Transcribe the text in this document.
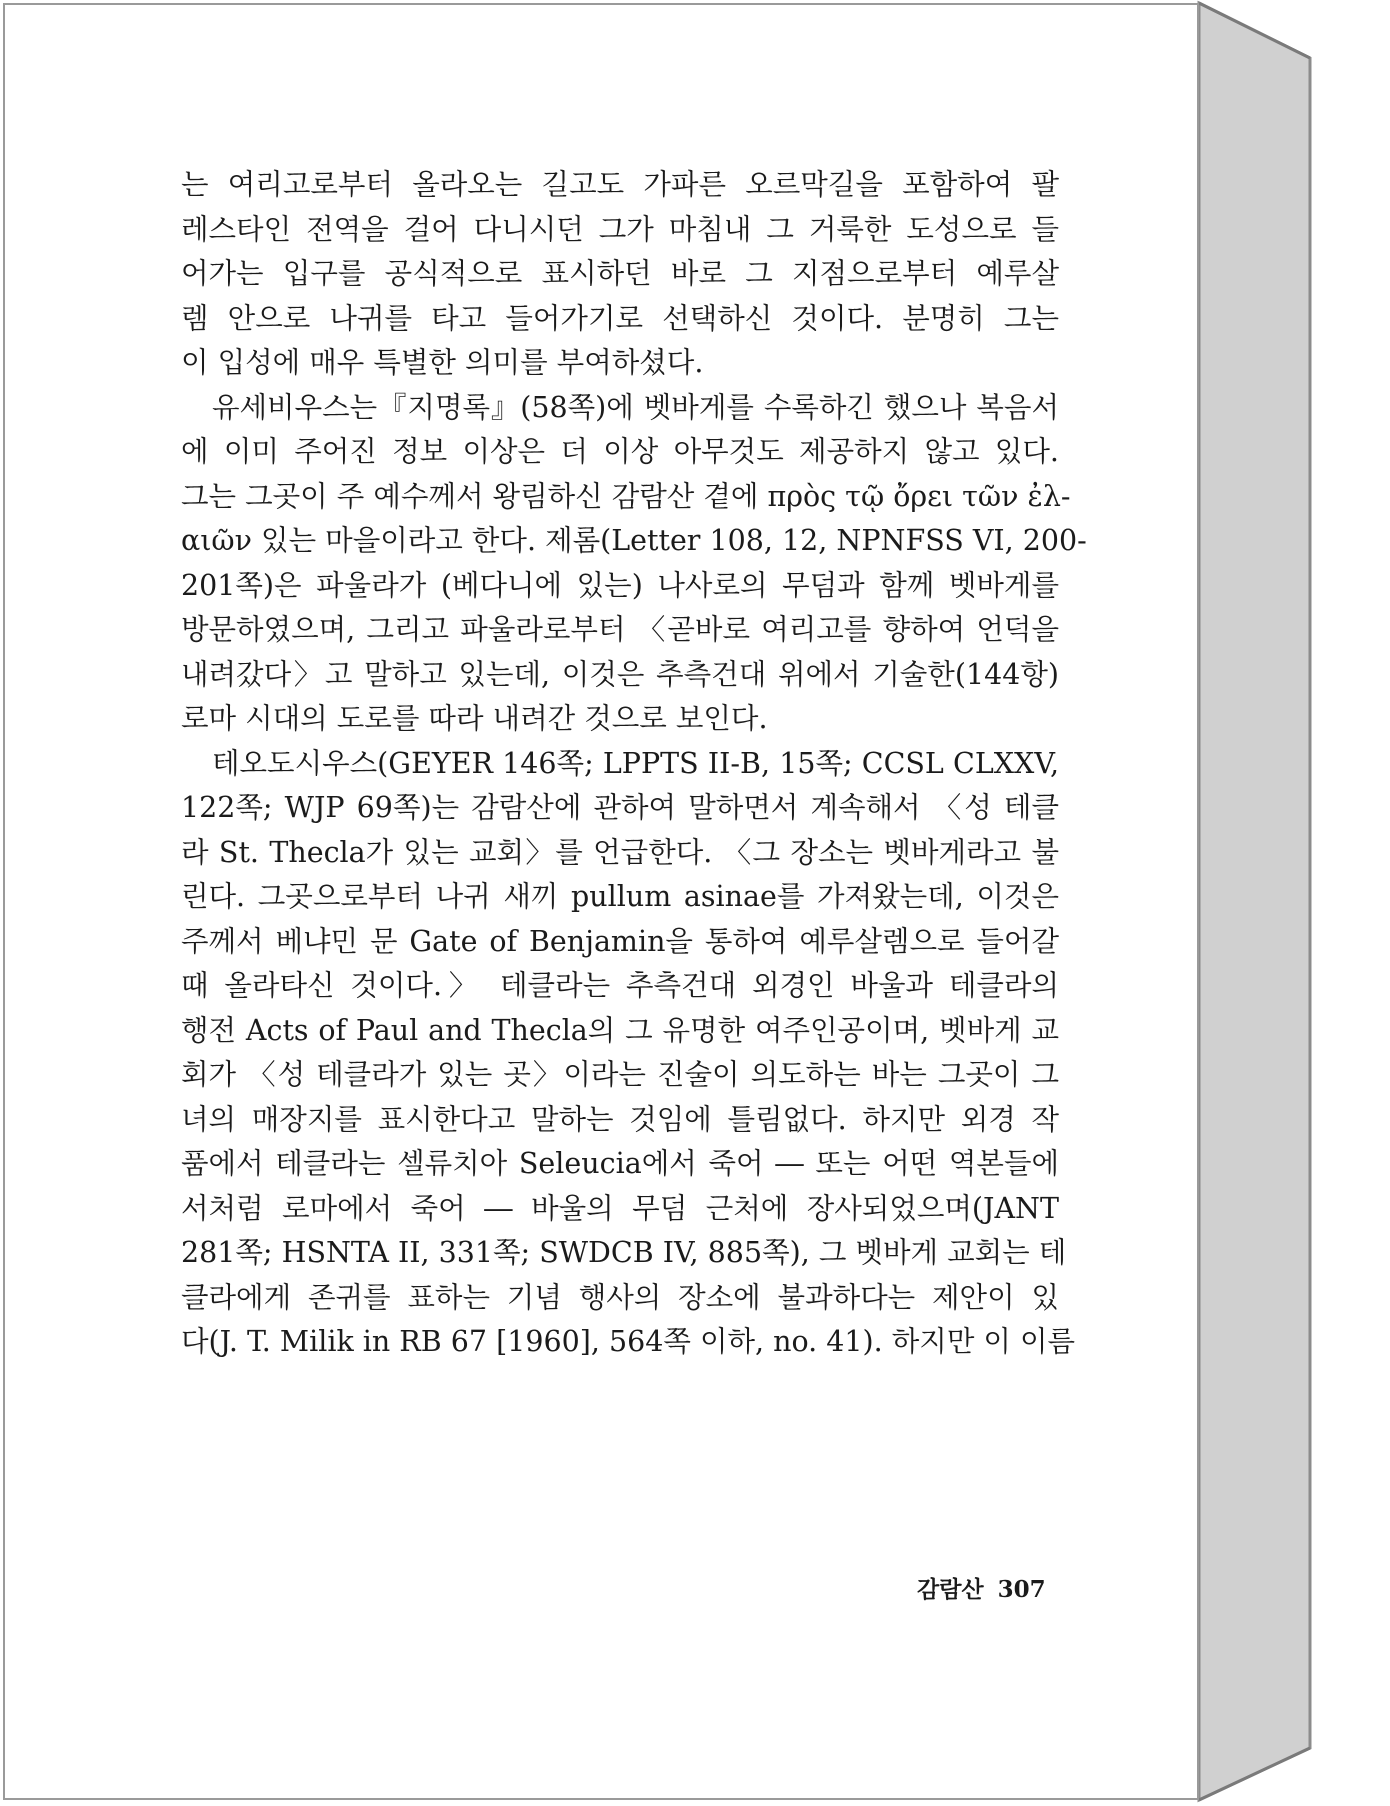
는 여리고로부터 올라오는 길고도 가파른 오르막길을 포함하여 팔
레스타인 전역을 걸어 다니시던 그가 마침내 그 거룩한 도성으로 들
어가는 입구를 공식적으로 표시하던 바로 그 지점으로부터 예루살
렘 안으로 나귀를 타고 들어가기로 선택하신 것이다. 분명히 그는
이 입성에 매우 특별한 의미를 부여하셨다.

유세비우스는『지명록』(58쪽)에 벳바게를 수록하긴 했으나 복음서
에 이미 주어진 정보 이상은 더 이상 아무것도 제공하지 않고 있다.
그는 그곳이 주 예수께서 왕림하신 감람산 곁에 πρὸς τῷ ὄρει τῶν ἐλ-
αιῶν 있는 마을이라고 한다. 제롬(Letter 108, 12, NPNFSS VI, 200-
201쪽)은 파울라가 (베다니에 있는) 나사로의 무덤과 함께 벳바게를
방문하였으며, 그리고 파울라로부터 〈곧바로 여리고를 향하여 언덕을
내려갔다〉고 말하고 있는데, 이것은 추측건대 위에서 기술한(144항)
로마 시대의 도로를 따라 내려간 것으로 보인다.

테오도시우스(GEYER 146쪽; LPPTS II-B, 15쪽; CCSL CLXXV,
122쪽; WJP 69쪽)는 감람산에 관하여 말하면서 계속해서 〈성 테클
라 St. Thecla가 있는 교회〉를 언급한다. 〈그 장소는 벳바게라고 불
린다. 그곳으로부터 나귀 새끼 pullum asinae를 가져왔는데, 이것은
주께서 베냐민 문 Gate of Benjamin을 통하여 예루살렘으로 들어갈
때 올라타신 것이다.〉 테클라는 추측건대 외경인 바울과 테클라의
행전 Acts of Paul and Thecla의 그 유명한 여주인공이며, 벳바게 교
회가 〈성 테클라가 있는 곳〉이라는 진술이 의도하는 바는 그곳이 그
녀의 매장지를 표시한다고 말하는 것임에 틀림없다. 하지만 외경 작
품에서 테클라는 셀류치아 Seleucia에서 죽어 ― 또는 어떤 역본들에
서처럼 로마에서 죽어 ― 바울의 무덤 근처에 장사되었으며(JANT
281쪽; HSNTA II, 331쪽; SWDCB IV, 885쪽), 그 벳바게 교회는 테
클라에게 존귀를 표하는 기념 행사의 장소에 불과하다는 제안이 있
다(J. T. Milik in RB 67 [1960], 564쪽 이하, no. 41). 하지만 이 이름

감람산 307
